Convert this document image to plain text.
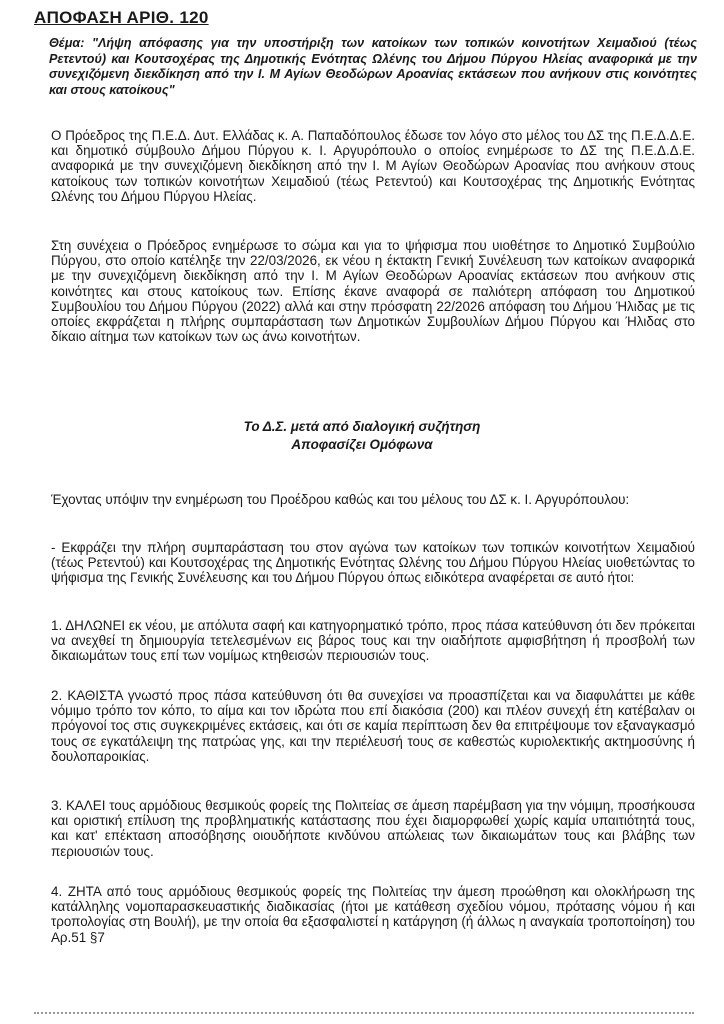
ΑΠΟΦΑΣΗ ΑΡΙΘ. 120
Θέμα: "Λήψη απόφασης για την υποστήριξη των κατοίκων των τοπικών κοινοτήτων Χειμαδιού (τέως Ρετεντού) και Κουτσοχέρας της Δημοτικής Ενότητας Ωλένης του Δήμου Πύργου Ηλείας αναφορικά με την συνεχιζόμενη διεκδίκηση από την Ι. Μ Αγίων Θεοδώρων Αροανίας εκτάσεων που ανήκουν στις κοινότητες και στους κατοίκους"
Ο Πρόεδρος της Π.Ε.Δ. Δυτ. Ελλάδας κ. Α. Παπαδόπουλος έδωσε τον λόγο στο μέλος του ΔΣ της Π.Ε.Δ.Δ.Ε. και δημοτικό σύμβουλο Δήμου Πύργου κ. Ι. Αργυρόπουλο ο οποίος ενημέρωσε το ΔΣ της Π.Ε.Δ.Δ.Ε. αναφορικά με την συνεχιζόμενη διεκδίκηση από την Ι. Μ Αγίων Θεοδώρων Αροανίας που ανήκουν στους κατοίκους των τοπικών κοινοτήτων Χειμαδιού (τέως Ρετεντού) και Κουτσοχέρας της Δημοτικής Ενότητας Ωλένης του Δήμου Πύργου Ηλείας.
Στη συνέχεια ο Πρόεδρος ενημέρωσε το σώμα και για το ψήφισμα που υιοθέτησε το Δημοτικό Συμβούλιο Πύργου, στο οποίο κατέληξε την 22/03/2026, εκ νέου η έκτακτη Γενική Συνέλευση των κατοίκων αναφορικά με την συνεχιζόμενη διεκδίκηση από την Ι. Μ Αγίων Θεοδώρων Αροανίας εκτάσεων που ανήκουν στις κοινότητες και στους κατοίκους των. Επίσης έκανε αναφορά σε παλιότερη απόφαση του Δημοτικού Συμβουλίου του Δήμου Πύργου (2022) αλλά και στην πρόσφατη 22/2026 απόφαση του Δήμου Ήλιδας με τις οποίες εκφράζεται η πλήρης συμπαράσταση των Δημοτικών Συμβουλίων Δήμου Πύργου και Ήλιδας στο δίκαιο αίτημα των κατοίκων των ως άνω κοινοτήτων.
Το Δ.Σ. μετά από διαλογική συζήτηση
Αποφασίζει Ομόφωνα
Έχοντας υπόψιν την ενημέρωση του Προέδρου καθώς και του μέλους του ΔΣ κ. Ι. Αργυρόπουλου:
- Εκφράζει την πλήρη συμπαράσταση του στον αγώνα των κατοίκων των τοπικών κοινοτήτων Χειμαδιού (τέως Ρετεντού) και Κουτσοχέρας της Δημοτικής Ενότητας Ωλένης του Δήμου Πύργου Ηλείας υιοθετώντας το ψήφισμα της Γενικής Συνέλευσης και του Δήμου Πύργου όπως ειδικότερα αναφέρεται σε αυτό ήτοι:
1. ΔΗΛΩΝΕΙ εκ νέου, με απόλυτα σαφή και κατηγορηματικό τρόπο, προς πάσα κατεύθυνση ότι δεν πρόκειται να ανεχθεί τη δημιουργία τετελεσμένων εις βάρος τους και την οιαδήποτε αμφισβήτηση ή προσβολή των δικαιωμάτων τους επί των νομίμως κτηθεισών περιουσιών τους.
2. ΚΑΘΙΣΤΑ γνωστό προς πάσα κατεύθυνση ότι θα συνεχίσει να προασπίζεται και να διαφυλάττει με κάθε νόμιμο τρόπο τον κόπο, το αίμα και τον ιδρώτα που επί διακόσια (200) και πλέον συνεχή έτη κατέβαλαν οι πρόγονοί τος στις συγκεκριμένες εκτάσεις, και ότι σε καμία περίπτωση δεν θα επιτρέψουμε τον εξαναγκασμό τους σε εγκατάλειψη της πατρώας γης, και την περιέλευσή τους σε καθεστώς κυριολεκτικής ακτημοσύνης ή δουλοπαροικίας.
3. ΚΑΛΕΙ τους αρμόδιους θεσμικούς φορείς της Πολιτείας σε άμεση παρέμβαση για την νόμιμη, προσήκουσα και οριστική επίλυση της προβληματικής κατάστασης που έχει διαμορφωθεί χωρίς καμία υπαιτιότητά τους, και κατ' επέκταση αποσόβησης οιουδήποτε κινδύνου απώλειας των δικαιωμάτων τους και βλάβης των περιουσιών τους.
4. ΖΗΤΑ από τους αρμόδιους θεσμικούς φορείς της Πολιτείας την άμεση προώθηση και ολοκλήρωση της κατάλληλης νομοπαρασκευαστικής διαδικασίας (ήτοι με κατάθεση σχεδίου νόμου, πρότασης νόμου ή και τροπολογίας στη Βουλή), με την οποία θα εξασφαλιστεί η κατάργηση (ή άλλως η αναγκαία τροποποίηση) του Αρ.51 §7
